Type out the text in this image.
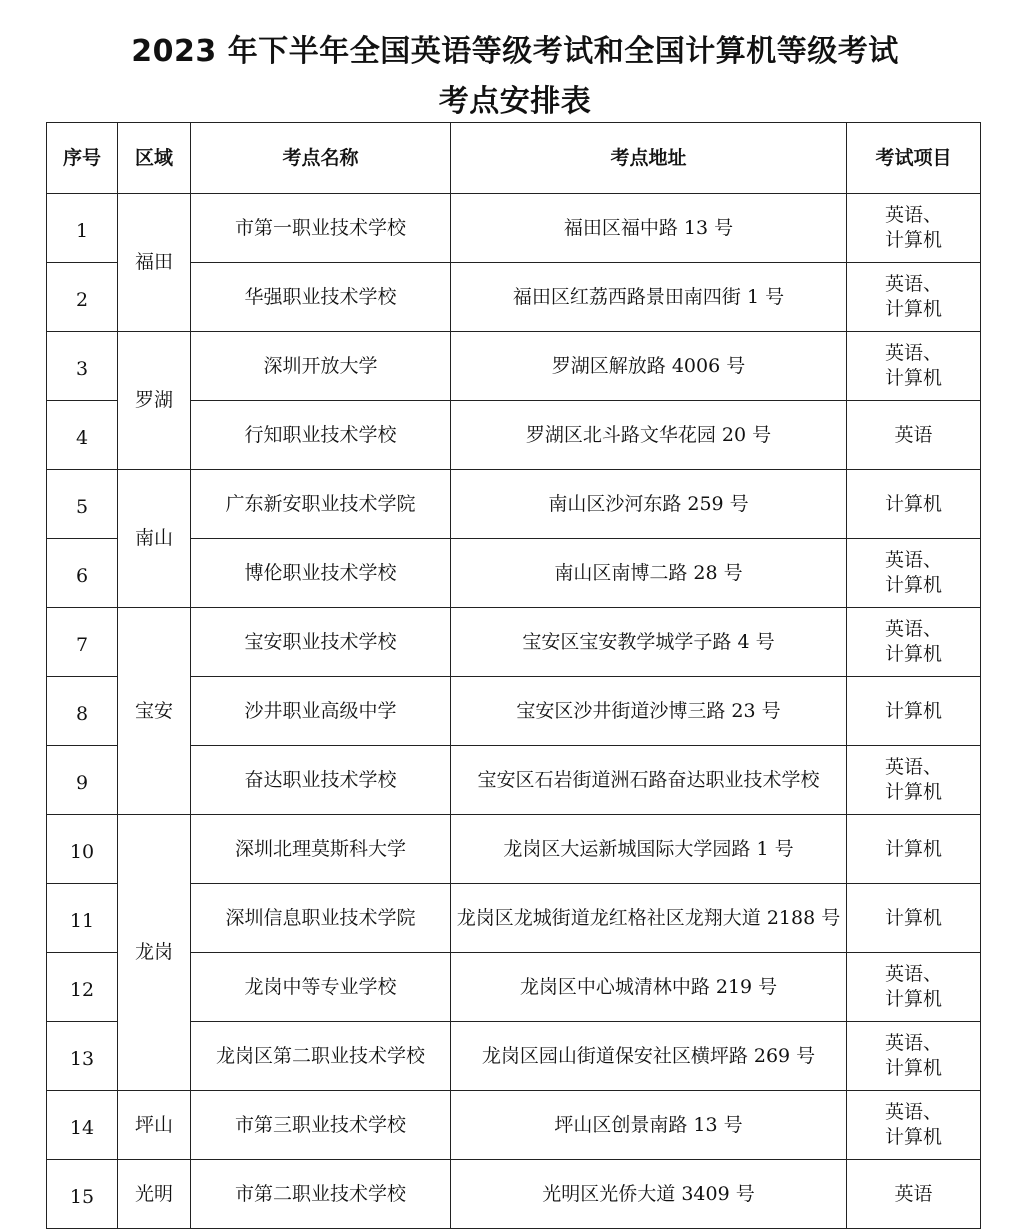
2023 年下半年全国英语等级考试和全国计算机等级考试
考点安排表
序号	区域	考点名称	考点地址	考试项目
1	福田	市第一职业技术学校	福田区福中路 13 号	英语、
计算机
2		华强职业技术学校	福田区红荔西路景田南四街 1 号	英语、
计算机
3	罗湖	深圳开放大学	罗湖区解放路 4006 号	英语、
计算机
4		行知职业技术学校	罗湖区北斗路文华花园 20 号	英语
5	南山	广东新安职业技术学院	南山区沙河东路 259 号	计算机
6		博伦职业技术学校	南山区南博二路 28 号	英语、
计算机
7	宝安	宝安职业技术学校	宝安区宝安教学城学子路 4 号	英语、
计算机
8		沙井职业高级中学	宝安区沙井街道沙博三路 23 号	计算机
9		奋达职业技术学校	宝安区石岩街道洲石路奋达职业技术学校	英语、
计算机
10	龙岗	深圳北理莫斯科大学	龙岗区大运新城国际大学园路 1 号	计算机
11		深圳信息职业技术学院	龙岗区龙城街道龙红格社区龙翔大道 2188 号	计算机
12		龙岗中等专业学校	龙岗区中心城清林中路 219 号	英语、
计算机
13		龙岗区第二职业技术学校	龙岗区园山街道保安社区横坪路 269 号	英语、
计算机
14	坪山	市第三职业技术学校	坪山区创景南路 13 号	英语、
计算机
15	光明	市第二职业技术学校	光明区光侨大道 3409 号	英语
